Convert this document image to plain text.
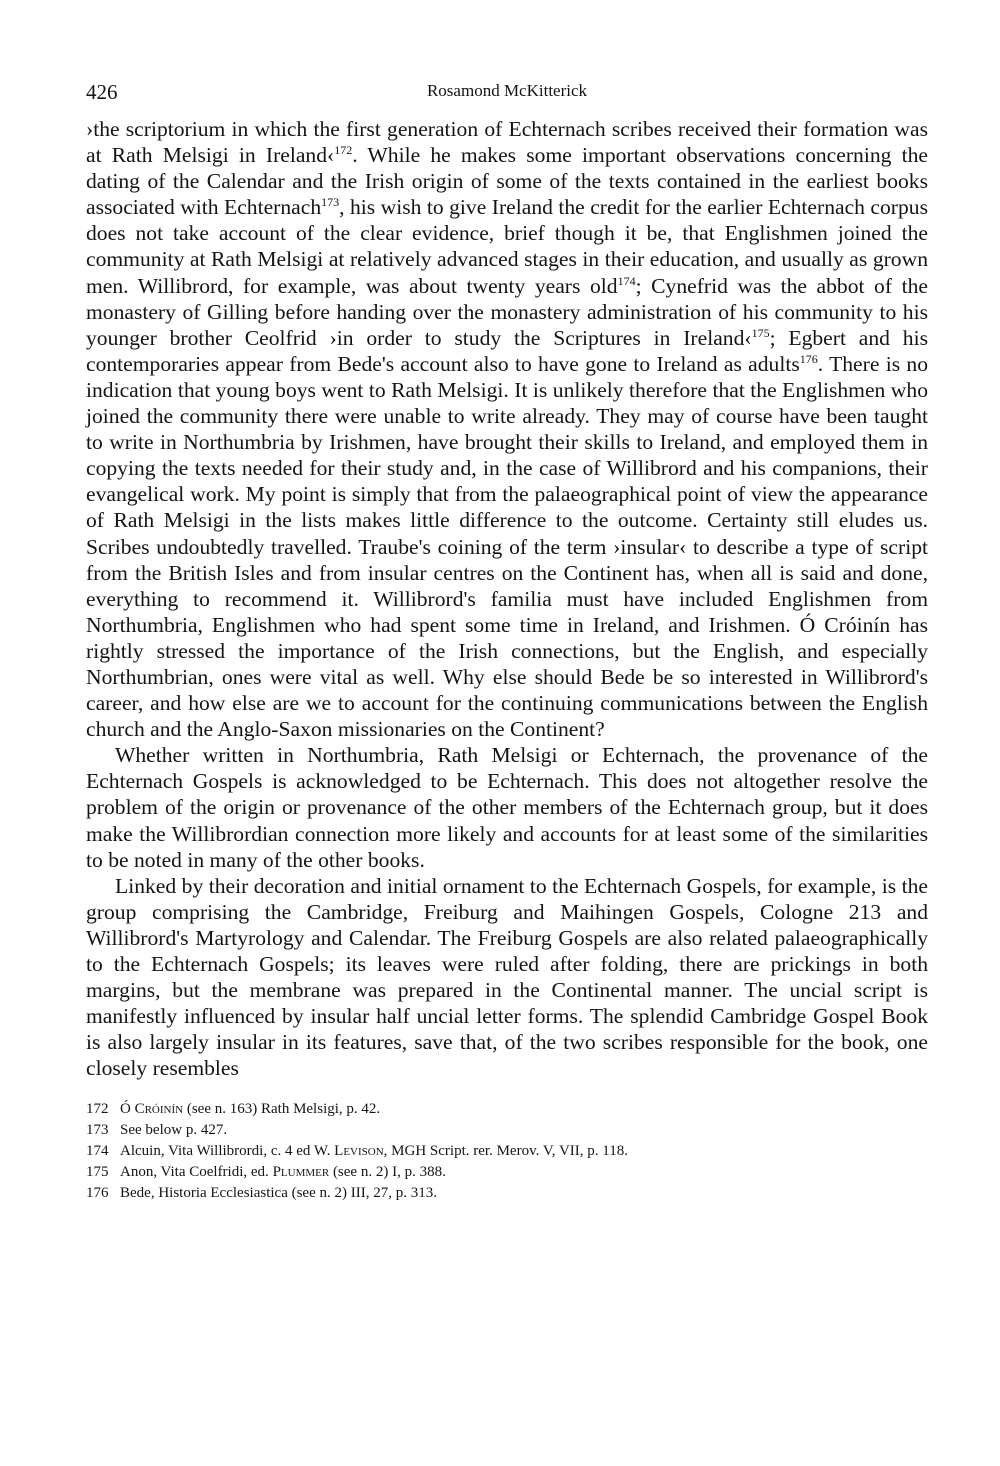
426	Rosamond McKitterick

›the scriptorium in which the first generation of Echternach scribes received their formation was at Rath Melsigi in Ireland‹$^{172}$. While he makes some important observations concerning the dating of the Calendar and the Irish origin of some of the texts contained in the earliest books associated with Echternach$^{173}$, his wish to give Ireland the credit for the earlier Echternach corpus does not take account of the clear evidence, brief though it be, that Englishmen joined the community at Rath Melsigi at relatively advanced stages in their education, and usually as grown men. Willibrord, for example, was about twenty years old$^{174}$; Cynefrid was the abbot of the monastery of Gilling before handing over the monastery administration of his community to his younger brother Ceolfrid ›in order to study the Scriptures in Ireland‹$^{175}$; Egbert and his contemporaries appear from Bede's account also to have gone to Ireland as adults$^{176}$. There is no indication that young boys went to Rath Melsigi. It is unlikely therefore that the Englishmen who joined the community there were unable to write already. They may of course have been taught to write in Northumbria by Irishmen, have brought their skills to Ireland, and employed them in copying the texts needed for their study and, in the case of Willibrord and his companions, their evangelical work. My point is simply that from the palaeographical point of view the appearance of Rath Melsigi in the lists makes little difference to the outcome. Certainty still eludes us. Scribes undoubtedly travelled. Traube's coining of the term ›insular‹ to describe a type of script from the British Isles and from insular centres on the Continent has, when all is said and done, everything to recommend it. Willibrord's familia must have included Englishmen from Northumbria, Englishmen who had spent some time in Ireland, and Irishmen. Ó Cróinín has rightly stressed the importance of the Irish connections, but the English, and especially Northumbrian, ones were vital as well. Why else should Bede be so interested in Willibrord's career, and how else are we to account for the continuing communications between the English church and the Anglo-Saxon missionaries on the Continent?

Whether written in Northumbria, Rath Melsigi or Echternach, the provenance of the Echternach Gospels is acknowledged to be Echternach. This does not altogether resolve the problem of the origin or provenance of the other members of the Echternach group, but it does make the Willibrordian connection more likely and accounts for at least some of the similarities to be noted in many of the other books.

Linked by their decoration and initial ornament to the Echternach Gospels, for example, is the group comprising the Cambridge, Freiburg and Maihingen Gospels, Cologne 213 and Willibrord's Martyrology and Calendar. The Freiburg Gospels are also related palaeographically to the Echternach Gospels; its leaves were ruled after folding, there are prickings in both margins, but the membrane was prepared in the Continental manner. The uncial script is manifestly influenced by insular half uncial letter forms. The splendid Cambridge Gospel Book is also largely insular in its features, save that, of the two scribes responsible for the book, one closely resembles

172 Ó Cróinín (see n. 163) Rath Melsigi, p. 42.
173 See below p. 427.
174 Alcuin, Vita Willibrordi, c. 4 ed W. Levison, MGH Script. rer. Merov. V, VII, p. 118.
175 Anon, Vita Coelfridi, ed. Plummer (see n. 2) I, p. 388.
176 Bede, Historia Ecclesiastica (see n. 2) III, 27, p. 313.
